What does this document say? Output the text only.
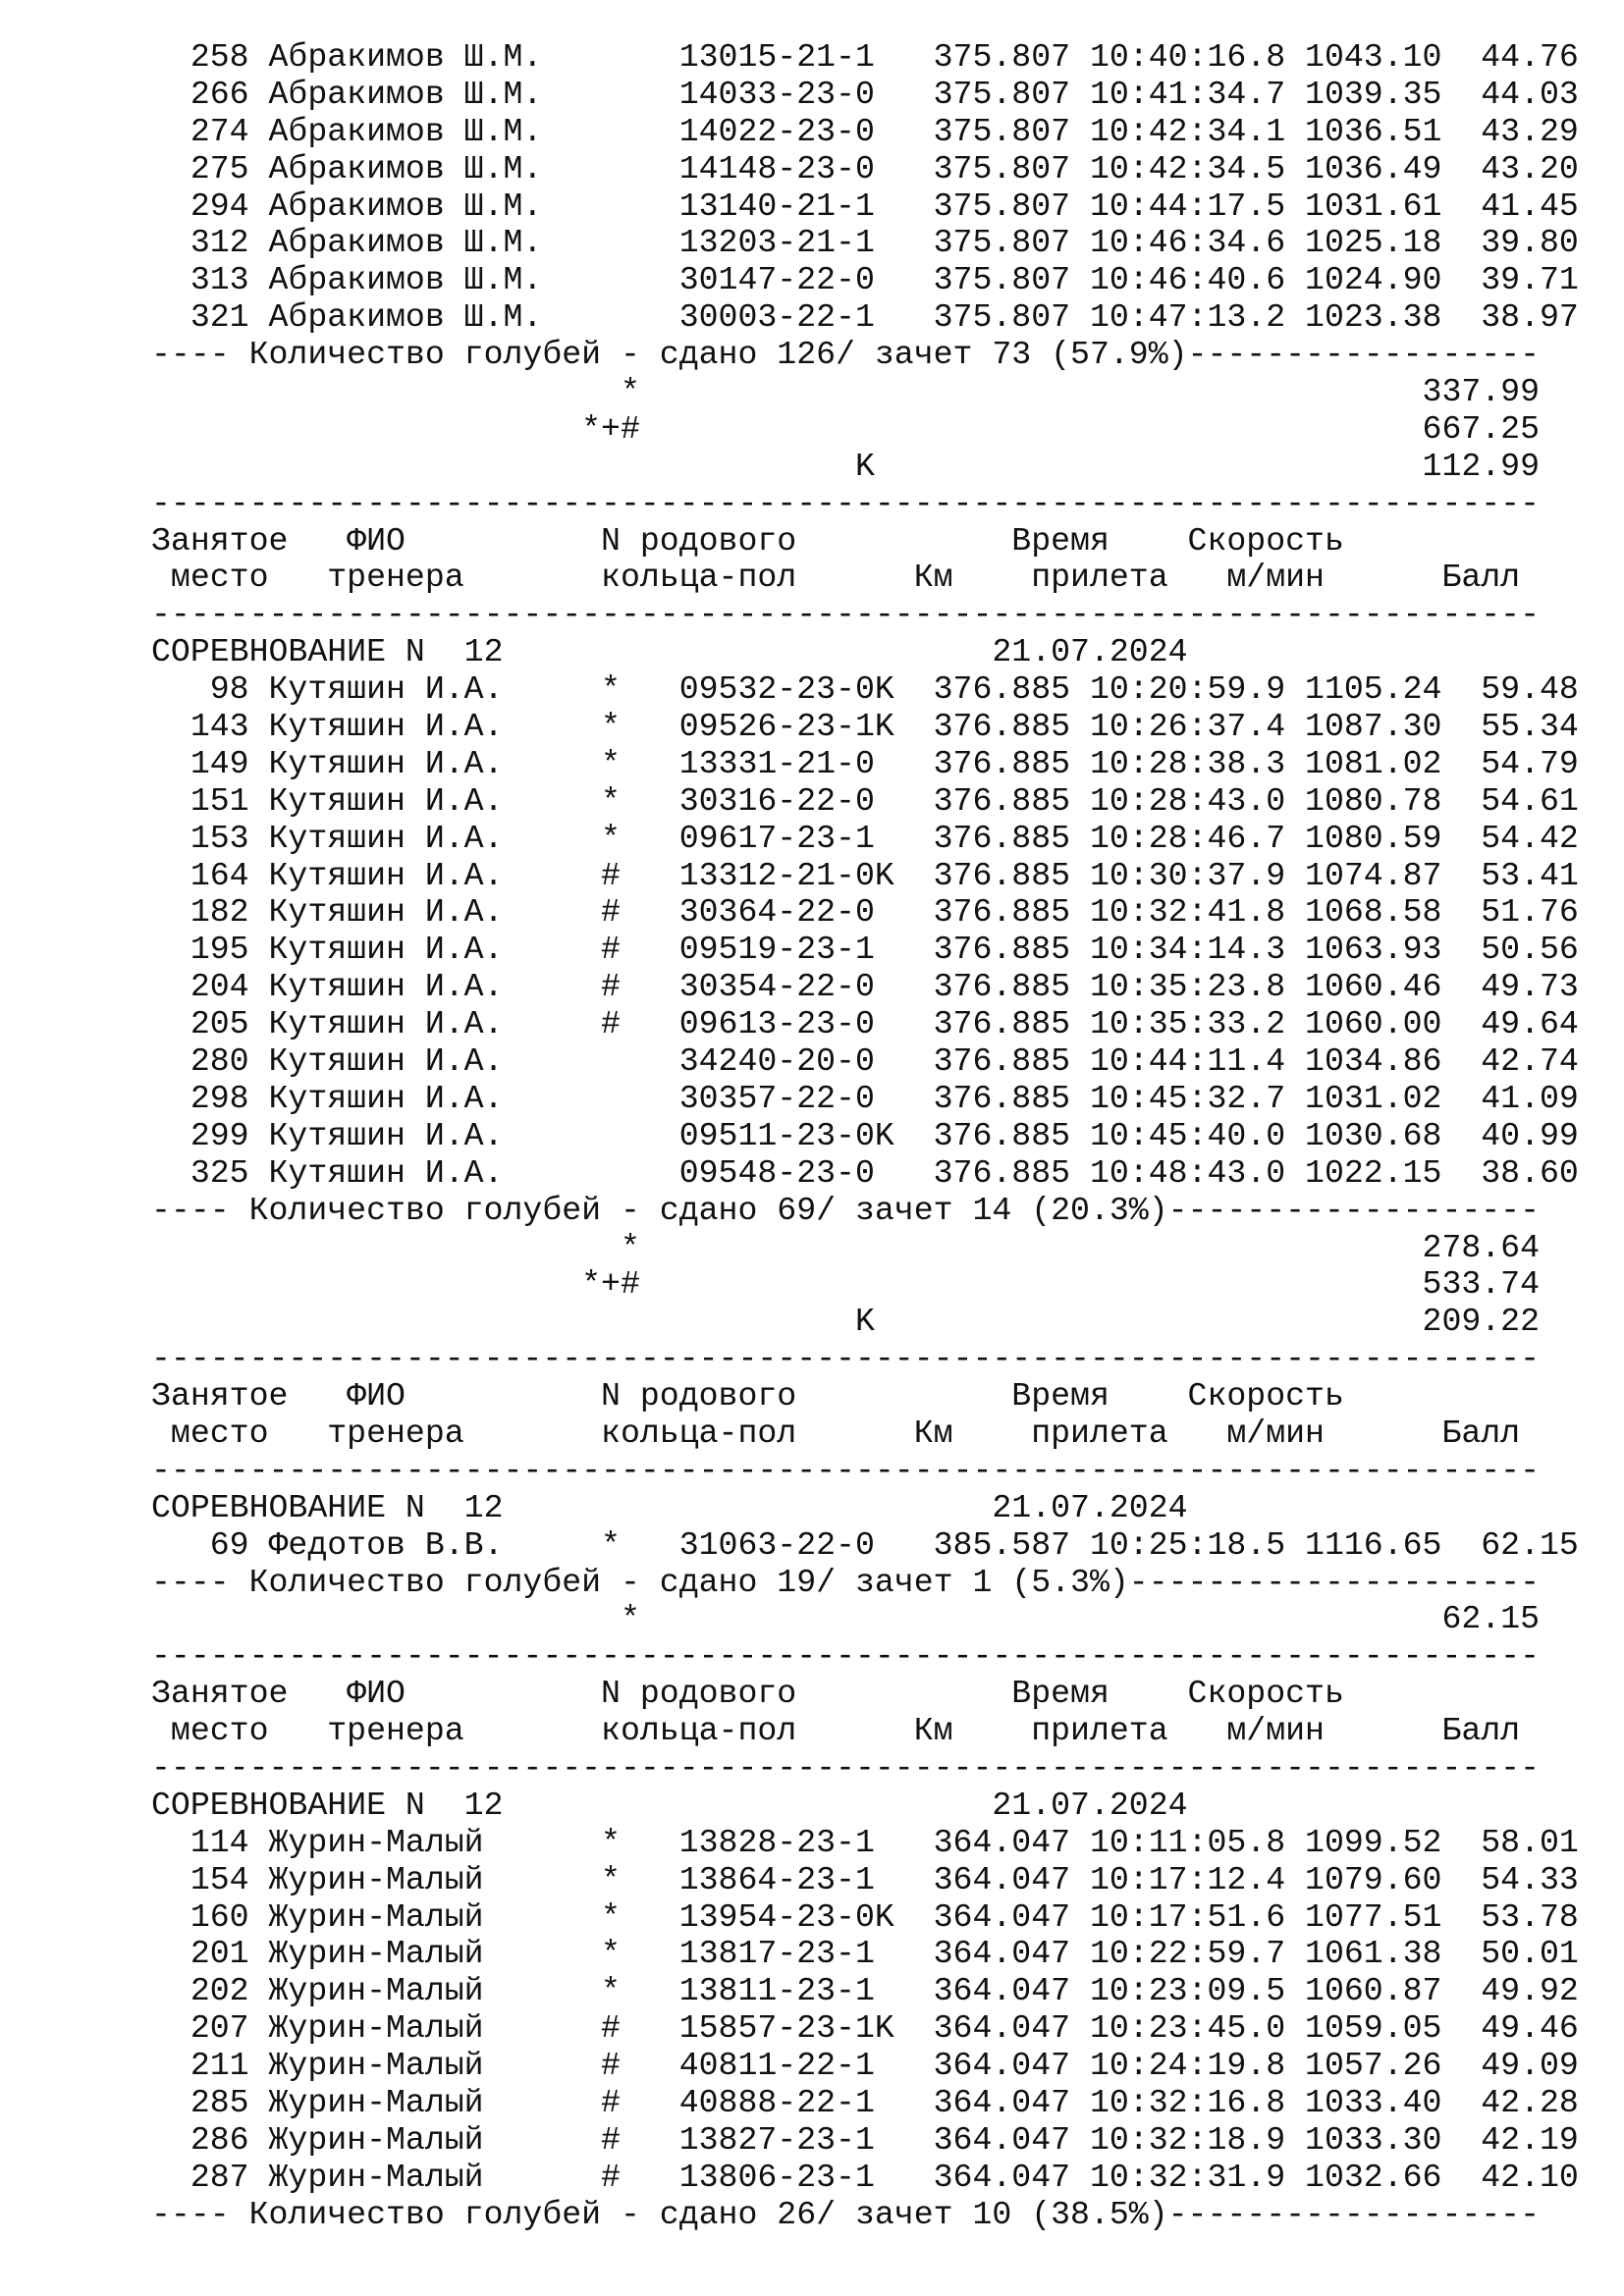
258 Абракимов Ш.М.       13015-21-1   375.807 10:40:16.8 1043.10  44.76
266 Абракимов Ш.М.       14033-23-0   375.807 10:41:34.7 1039.35  44.03
274 Абракимов Ш.М.       14022-23-0   375.807 10:42:34.1 1036.51  43.29
275 Абракимов Ш.М.       14148-23-0   375.807 10:42:34.5 1036.49  43.20
294 Абракимов Ш.М.       13140-21-1   375.807 10:44:17.5 1031.61  41.45
312 Абракимов Ш.М.       13203-21-1   375.807 10:46:34.6 1025.18  39.80
313 Абракимов Ш.М.       30147-22-0   375.807 10:46:40.6 1024.90  39.71
321 Абракимов Ш.М.       30003-22-1   375.807 10:47:13.2 1023.38  38.97
---- Количество голубей - сдано 126/ зачет 73 (57.9%)------------------
*                                        337.99
*+#                                        667.25
K                            112.99
-----------------------------------------------------------------------
Занятое   ФИО          N родового           Время    Скорость
место   тренера       кольца-пол      Км    прилета   м/мин      Балл
-----------------------------------------------------------------------
СОРЕВНОВАНИЕ N  12                         21.07.2024
98 Кутяшин И.А.     *   09532-23-0K  376.885 10:20:59.9 1105.24  59.48
143 Кутяшин И.А.     *   09526-23-1K  376.885 10:26:37.4 1087.30  55.34
149 Кутяшин И.А.     *   13331-21-0   376.885 10:28:38.3 1081.02  54.79
151 Кутяшин И.А.     *   30316-22-0   376.885 10:28:43.0 1080.78  54.61
153 Кутяшин И.А.     *   09617-23-1   376.885 10:28:46.7 1080.59  54.42
164 Кутяшин И.А.     #   13312-21-0K  376.885 10:30:37.9 1074.87  53.41
182 Кутяшин И.А.     #   30364-22-0   376.885 10:32:41.8 1068.58  51.76
195 Кутяшин И.А.     #   09519-23-1   376.885 10:34:14.3 1063.93  50.56
204 Кутяшин И.А.     #   30354-22-0   376.885 10:35:23.8 1060.46  49.73
205 Кутяшин И.А.     #   09613-23-0   376.885 10:35:33.2 1060.00  49.64
280 Кутяшин И.А.         34240-20-0   376.885 10:44:11.4 1034.86  42.74
298 Кутяшин И.А.         30357-22-0   376.885 10:45:32.7 1031.02  41.09
299 Кутяшин И.А.         09511-23-0K  376.885 10:45:40.0 1030.68  40.99
325 Кутяшин И.А.         09548-23-0   376.885 10:48:43.0 1022.15  38.60
---- Количество голубей - сдано 69/ зачет 14 (20.3%)-------------------
*                                        278.64
*+#                                        533.74
K                            209.22
-----------------------------------------------------------------------
Занятое   ФИО          N родового           Время    Скорость
место   тренера       кольца-пол      Км    прилета   м/мин      Балл
-----------------------------------------------------------------------
СОРЕВНОВАНИЕ N  12                         21.07.2024
69 Федотов В.В.     *   31063-22-0   385.587 10:25:18.5 1116.65  62.15
---- Количество голубей - сдано 19/ зачет 1 (5.3%)---------------------
*                                         62.15
-----------------------------------------------------------------------
Занятое   ФИО          N родового           Время    Скорость
место   тренера       кольца-пол      Км    прилета   м/мин      Балл
-----------------------------------------------------------------------
СОРЕВНОВАНИЕ N  12                         21.07.2024
114 Журин-Малый      *   13828-23-1   364.047 10:11:05.8 1099.52  58.01
154 Журин-Малый      *   13864-23-1   364.047 10:17:12.4 1079.60  54.33
160 Журин-Малый      *   13954-23-0K  364.047 10:17:51.6 1077.51  53.78
201 Журин-Малый      *   13817-23-1   364.047 10:22:59.7 1061.38  50.01
202 Журин-Малый      *   13811-23-1   364.047 10:23:09.5 1060.87  49.92
207 Журин-Малый      #   15857-23-1K  364.047 10:23:45.0 1059.05  49.46
211 Журин-Малый      #   40811-22-1   364.047 10:24:19.8 1057.26  49.09
285 Журин-Малый      #   40888-22-1   364.047 10:32:16.8 1033.40  42.28
286 Журин-Малый      #   13827-23-1   364.047 10:32:18.9 1033.30  42.19
287 Журин-Малый      #   13806-23-1   364.047 10:32:31.9 1032.66  42.10
---- Количество голубей - сдано 26/ зачет 10 (38.5%)-------------------
